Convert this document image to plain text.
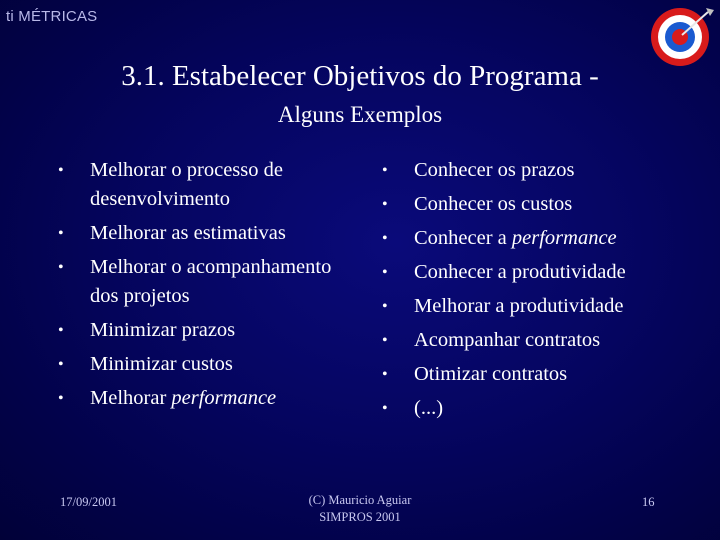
ti MÉTRICAS
3.1. Estabelecer Objetivos do Programa -
Alguns Exemplos
• Melhorar o processo de desenvolvimento
• Melhorar as estimativas
• Melhorar o acompanhamento dos projetos
• Minimizar prazos
• Minimizar custos
• Melhorar performance
• Conhecer os prazos
• Conhecer os custos
• Conhecer a performance
• Conhecer a produtividade
• Melhorar a produtividade
• Acompanhar contratos
• Otimizar contratos
• (...)
17/09/2001	(C) Mauricio Aguiar
SIMPROS 2001
16
